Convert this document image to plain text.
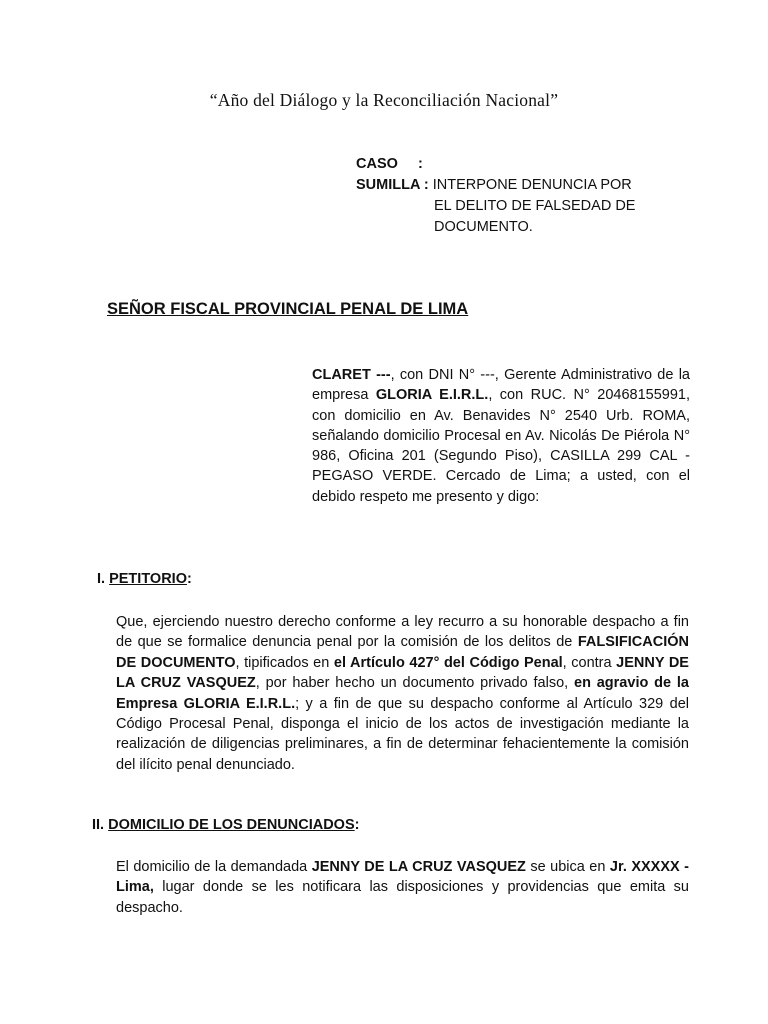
“Año del Diálogo y la Reconciliación Nacional”
CASO     :
SUMILLA : INTERPONE DENUNCIA POR
EL DELITO DE FALSEDAD DE
DOCUMENTO.
SEÑOR FISCAL PROVINCIAL PENAL DE LIMA
CLARET ---, con DNI N° ---, Gerente Administrativo de la empresa GLORIA E.I.R.L., con RUC. N° 20468155991, con domicilio en Av. Benavides N° 2540 Urb. ROMA, señalando domicilio Procesal en Av. Nicolás De Piérola N° 986, Oficina 201 (Segundo Piso), CASILLA 299 CAL - PEGASO VERDE. Cercado de Lima; a usted, con el debido respeto me presento y digo:
I. PETITORIO:
Que, ejerciendo nuestro derecho conforme a ley recurro a su honorable despacho a fin de que se formalice denuncia penal por la comisión de los delitos de FALSIFICACIÓN DE DOCUMENTO, tipificados en el Artículo 427° del Código Penal, contra JENNY DE LA CRUZ VASQUEZ, por haber hecho un documento privado falso, en agravio de la Empresa GLORIA E.I.R.L.; y a fin de que su despacho conforme al Artículo 329 del Código Procesal Penal, disponga el inicio de los actos de investigación mediante la realización de diligencias preliminares, a fin de determinar fehacientemente la comisión del ilícito penal denunciado.
II. DOMICILIO DE LOS DENUNCIADOS:
El domicilio de la demandada JENNY DE LA CRUZ VASQUEZ se ubica en Jr. XXXXX - Lima, lugar donde se les notificara las disposiciones y providencias que emita su despacho.
